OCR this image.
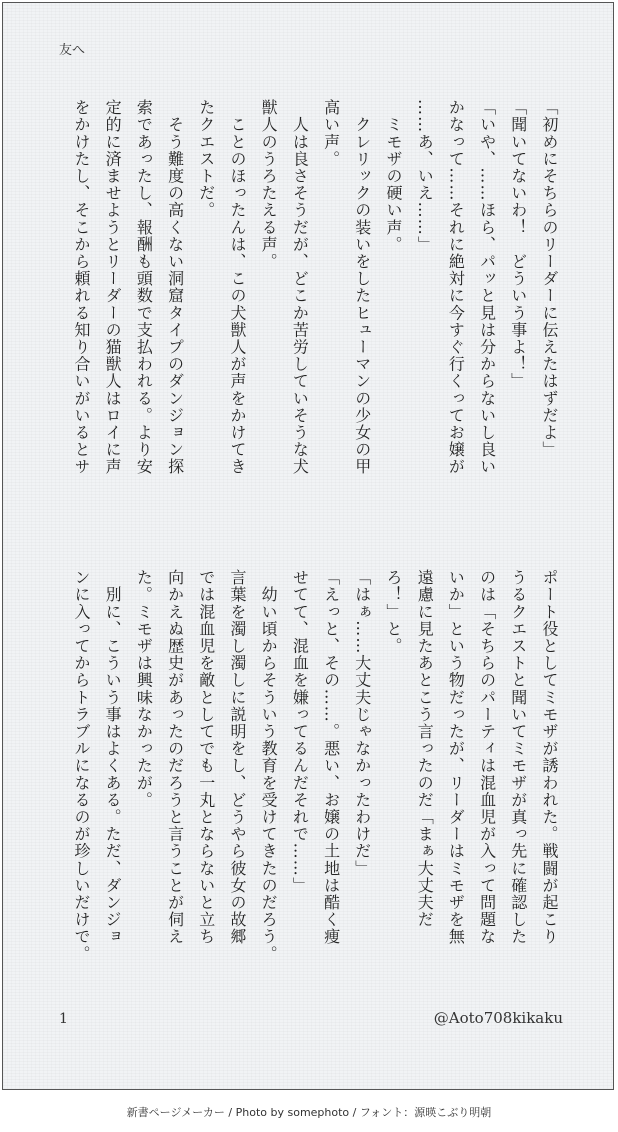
友へ

「初めにそちらのリーダーに伝えたはずだよ」

「聞いてないわ！　どういう事よ！」

「いや、……ほら、パッと見は分からないし良い

かなって……それに絶対に今すぐ行くってお嬢が

……あ、いえ……」

　ミモザの硬い声。

　クレリックの装いをしたヒューマンの少女の甲

高い声。

　人は良さそうだが、どこか苦労していそうな犬

獣人のうろたえる声。

　ことのほったんは、この犬獣人が声をかけてき

たクエストだ。

　そう難度の高くない洞窟タイプのダンジョン探

索であったし、報酬も頭数で支払われる。より安

定的に済ませようとリーダーの猫獣人はロイに声

をかけたし、そこから頼れる知り合いがいるとサ

ポート役としてミモザが誘われた。戦闘が起こり

うるクエストと聞いてミモザが真っ先に確認した

のは「そちらのパーティは混血児が入って問題な

いか」という物だったが、リーダーはミモザを無

遠慮に見たあとこう言ったのだ「まぁ大丈夫だ

ろ！」と。

「はぁ……大丈夫じゃなかったわけだ」

「えっと、その……。悪い、お嬢の土地は酷く痩

せてて、混血を嫌ってるんだそれで……」

　幼い頃からそういう教育を受けてきたのだろう。

言葉を濁し濁しに説明をし、どうやら彼女の故郷

では混血児を敵としてでも一丸とならないと立ち

向かえぬ歴史があったのだろうと言うことが伺え

た。ミモザは興味なかったが。

　別に、こういう事はよくある。ただ、ダンジョ

ンに入ってからトラブルになるのが珍しいだけで。

1	@Aoto708kikaku
新書ページメーカー / Photo by somephoto / フォント：源暎こぶり明朝
